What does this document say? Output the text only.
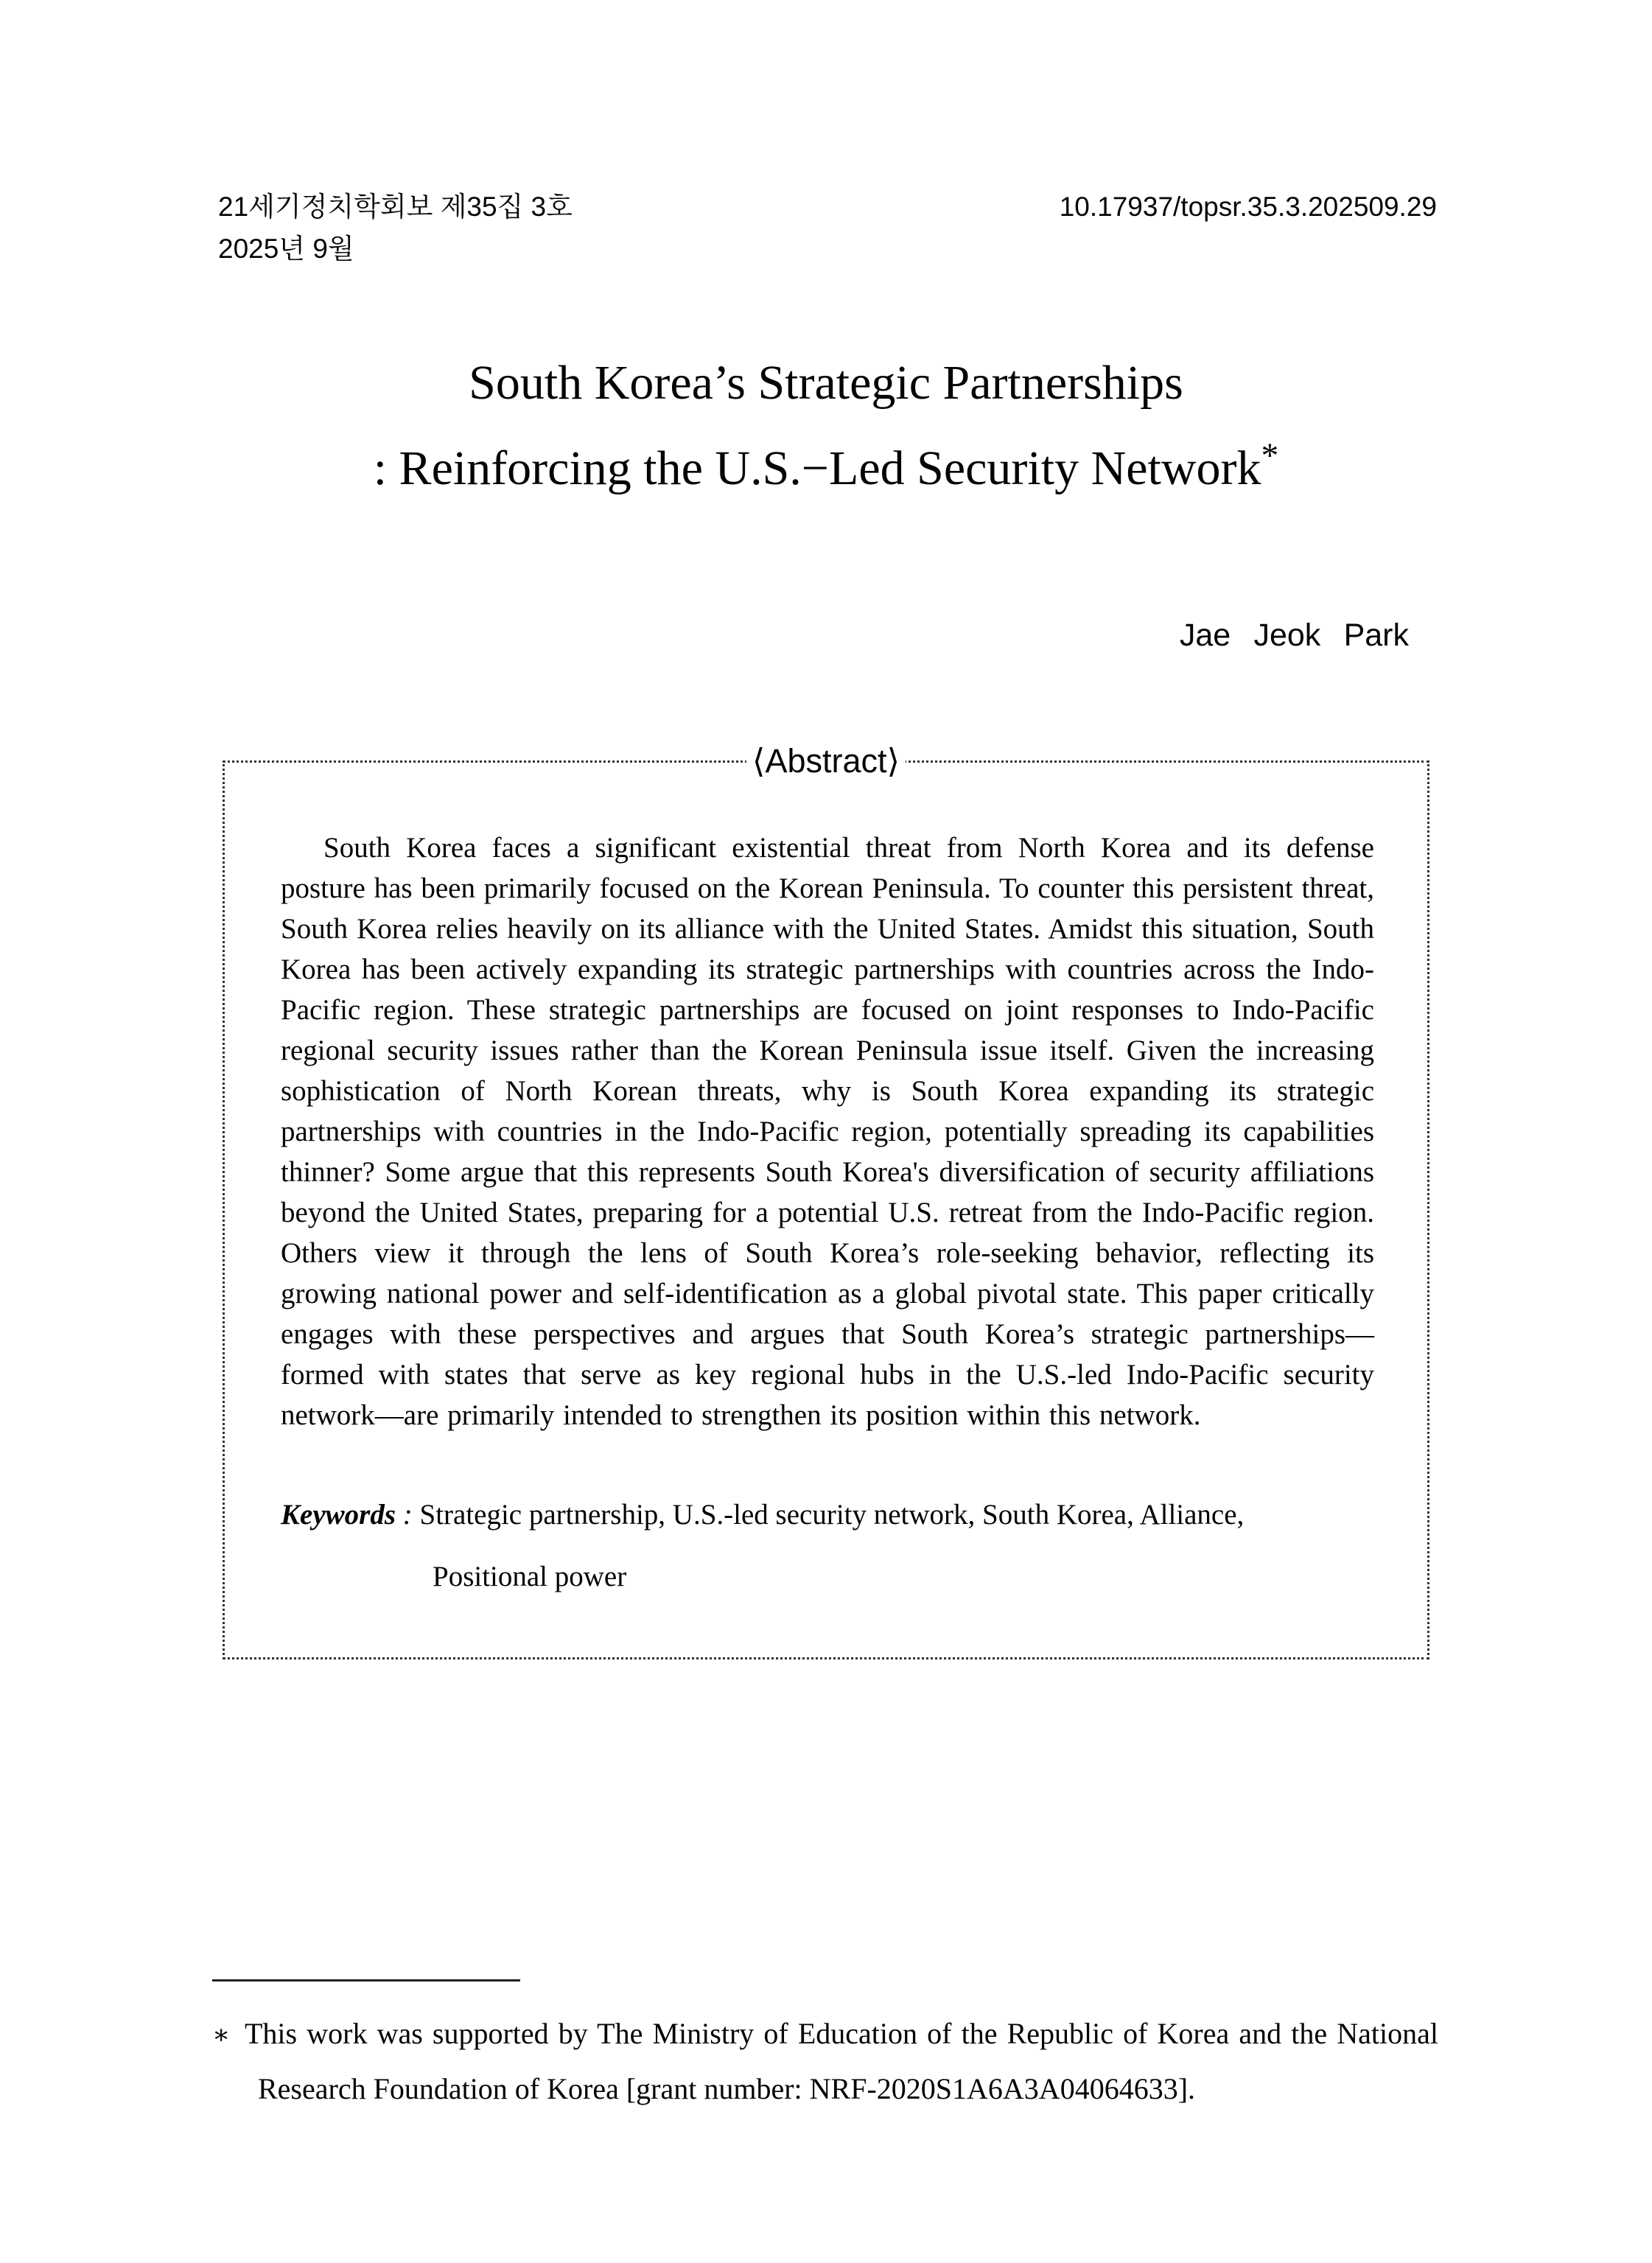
21세기정치학회보 제35집 3호
2025년 9월
10.17937/topsr.35.3.202509.29
South Korea’s Strategic Partnerships
: Reinforcing the U.S.−Led Security Network*
Jae Jeok Park
⟨Abstract⟩

South Korea faces a significant existential threat from North Korea and its defense posture has been primarily focused on the Korean Peninsula. To counter this persistent threat, South Korea relies heavily on its alliance with the United States. Amidst this situation, South Korea has been actively expanding its strategic partnerships with countries across the Indo-Pacific region. These strategic partnerships are focused on joint responses to Indo-Pacific regional security issues rather than the Korean Peninsula issue itself. Given the increasing sophistication of North Korean threats, why is South Korea expanding its strategic partnerships with countries in the Indo-Pacific region, potentially spreading its capabilities thinner? Some argue that this represents South Korea's diversification of security affiliations beyond the United States, preparing for a potential U.S. retreat from the Indo-Pacific region. Others view it through the lens of South Korea’s role-seeking behavior, reflecting its growing national power and self-identification as a global pivotal state. This paper critically engages with these perspectives and argues that South Korea’s strategic partnerships—formed with states that serve as key regional hubs in the U.S.-led Indo-Pacific security network—are primarily intended to strengthen its position within this network.

Keywords : Strategic partnership, U.S.-led security network, South Korea, Alliance,
Positional power

∗ This work was supported by The Ministry of Education of the Republic of Korea and the National Research Foundation of Korea [grant number: NRF-2020S1A6A3A04064633].
